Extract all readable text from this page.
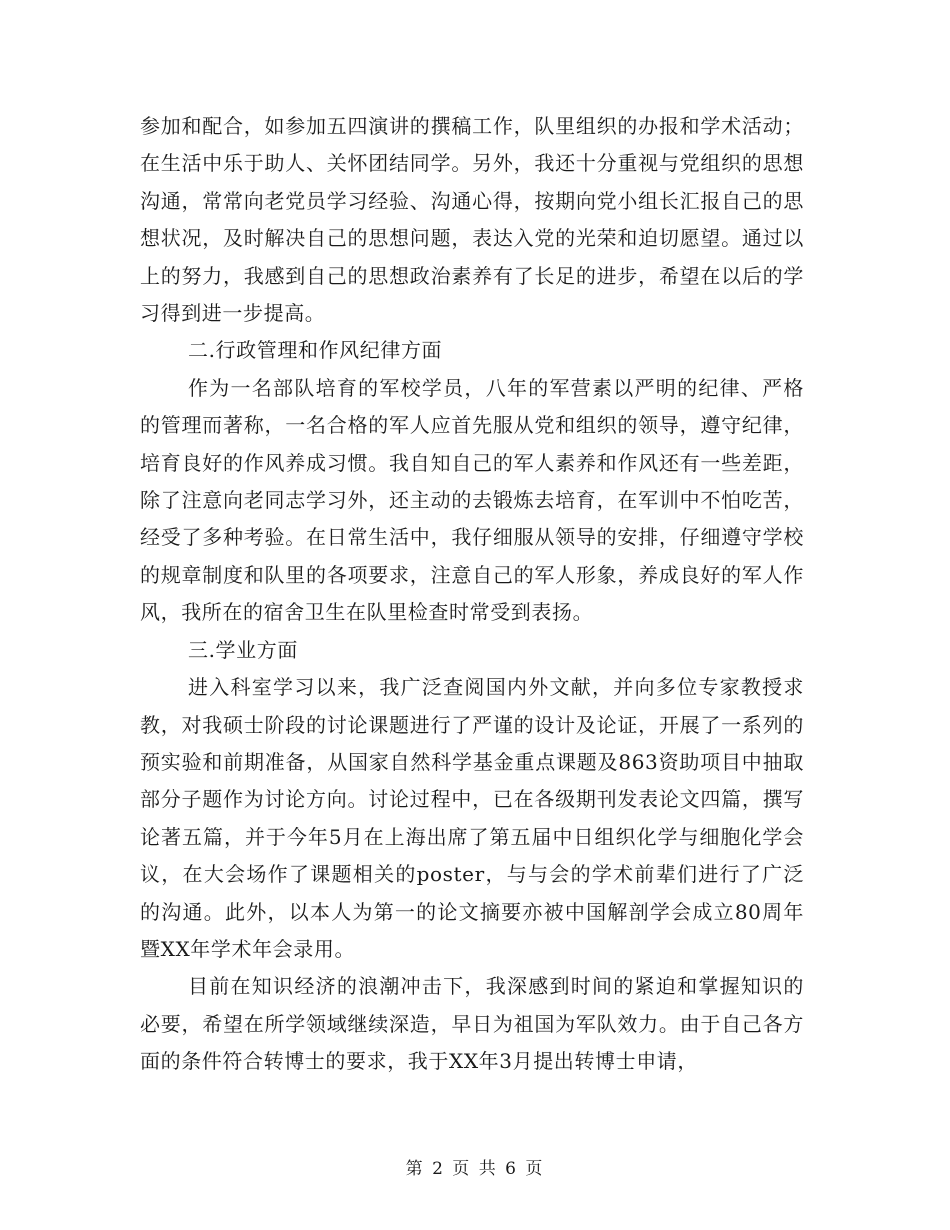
参加和配合，如参加五四演讲的撰稿工作，队里组织的办报和学术活动；在生活中乐于助人、关怀团结同学。另外，我还十分重视与党组织的思想沟通，常常向老党员学习经验、沟通心得，按期向党小组长汇报自己的思想状况，及时解决自己的思想问题，表达入党的光荣和迫切愿望。通过以上的努力，我感到自己的思想政治素养有了长足的进步，希望在以后的学习得到进一步提高。

二.行政管理和作风纪律方面

作为一名部队培育的军校学员，八年的军营素以严明的纪律、严格的管理而著称，一名合格的军人应首先服从党和组织的领导，遵守纪律，培育良好的作风养成习惯。我自知自己的军人素养和作风还有一些差距，除了注意向老同志学习外，还主动的去锻炼去培育，在军训中不怕吃苦，经受了多种考验。在日常生活中，我仔细服从领导的安排，仔细遵守学校的规章制度和队里的各项要求，注意自己的军人形象，养成良好的军人作风，我所在的宿舍卫生在队里检查时常受到表扬。

三.学业方面

进入科室学习以来，我广泛查阅国内外文献，并向多位专家教授求教，对我硕士阶段的讨论课题进行了严谨的设计及论证，开展了一系列的预实验和前期准备，从国家自然科学基金重点课题及863资助项目中抽取部分子题作为讨论方向。讨论过程中，已在各级期刊发表论文四篇，撰写论著五篇，并于今年5月在上海出席了第五届中日组织化学与细胞化学会议，在大会场作了课题相关的poster，与与会的学术前辈们进行了广泛的沟通。此外，以本人为第一的论文摘要亦被中国解剖学会成立80周年暨XX年学术年会录用。

目前在知识经济的浪潮冲击下，我深感到时间的紧迫和掌握知识的必要，希望在所学领域继续深造，早日为祖国为军队效力。由于自己各方面的条件符合转博士的要求，我于XX年3月提出转博士申请，

第 2 页 共 6 页
